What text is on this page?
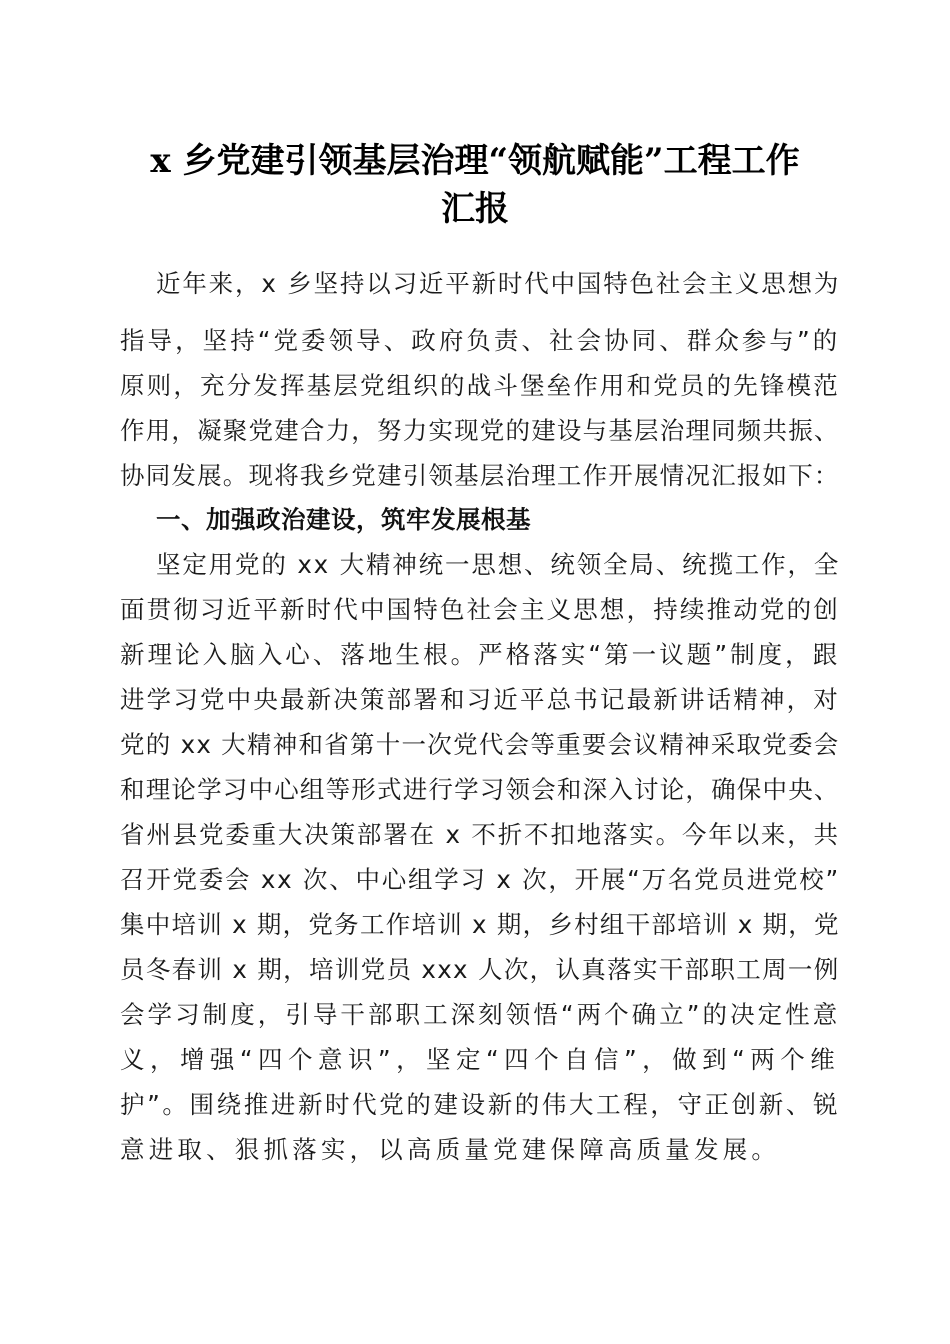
x 乡党建引领基层治理“领航赋能”工程工作
汇报
近年来，x 乡坚持以习近平新时代中国特色社会主义思想为
指导，坚持“党委领导、政府负责、社会协同、群众参与”的
原则，充分发挥基层党组织的战斗堡垒作用和党员的先锋模范
作用，凝聚党建合力，努力实现党的建设与基层治理同频共振、
协同发展。现将我乡党建引领基层治理工作开展情况汇报如下：
一、加强政治建设，筑牢发展根基
坚定用党的 xx 大精神统一思想、统领全局、统揽工作，全
面贯彻习近平新时代中国特色社会主义思想，持续推动党的创
新理论入脑入心、落地生根。严格落实“第一议题”制度，跟
进学习党中央最新决策部署和习近平总书记最新讲话精神，对
党的 xx 大精神和省第十一次党代会等重要会议精神采取党委会
和理论学习中心组等形式进行学习领会和深入讨论，确保中央、
省州县党委重大决策部署在 x 不折不扣地落实。今年以来，共
召开党委会 xx 次、中心组学习 x 次，开展“万名党员进党校”
集中培训 x 期，党务工作培训 x 期，乡村组干部培训 x 期，党
员冬春训 x 期，培训党员 xxx 人次，认真落实干部职工周一例
会学习制度，引导干部职工深刻领悟“两个确立”的决定性意
义，增强“四个意识”，坚定“四个自信”，做到“两个维
护”。围绕推进新时代党的建设新的伟大工程，守正创新、锐
意进取、狠抓落实，以高质量党建保障高质量发展。
